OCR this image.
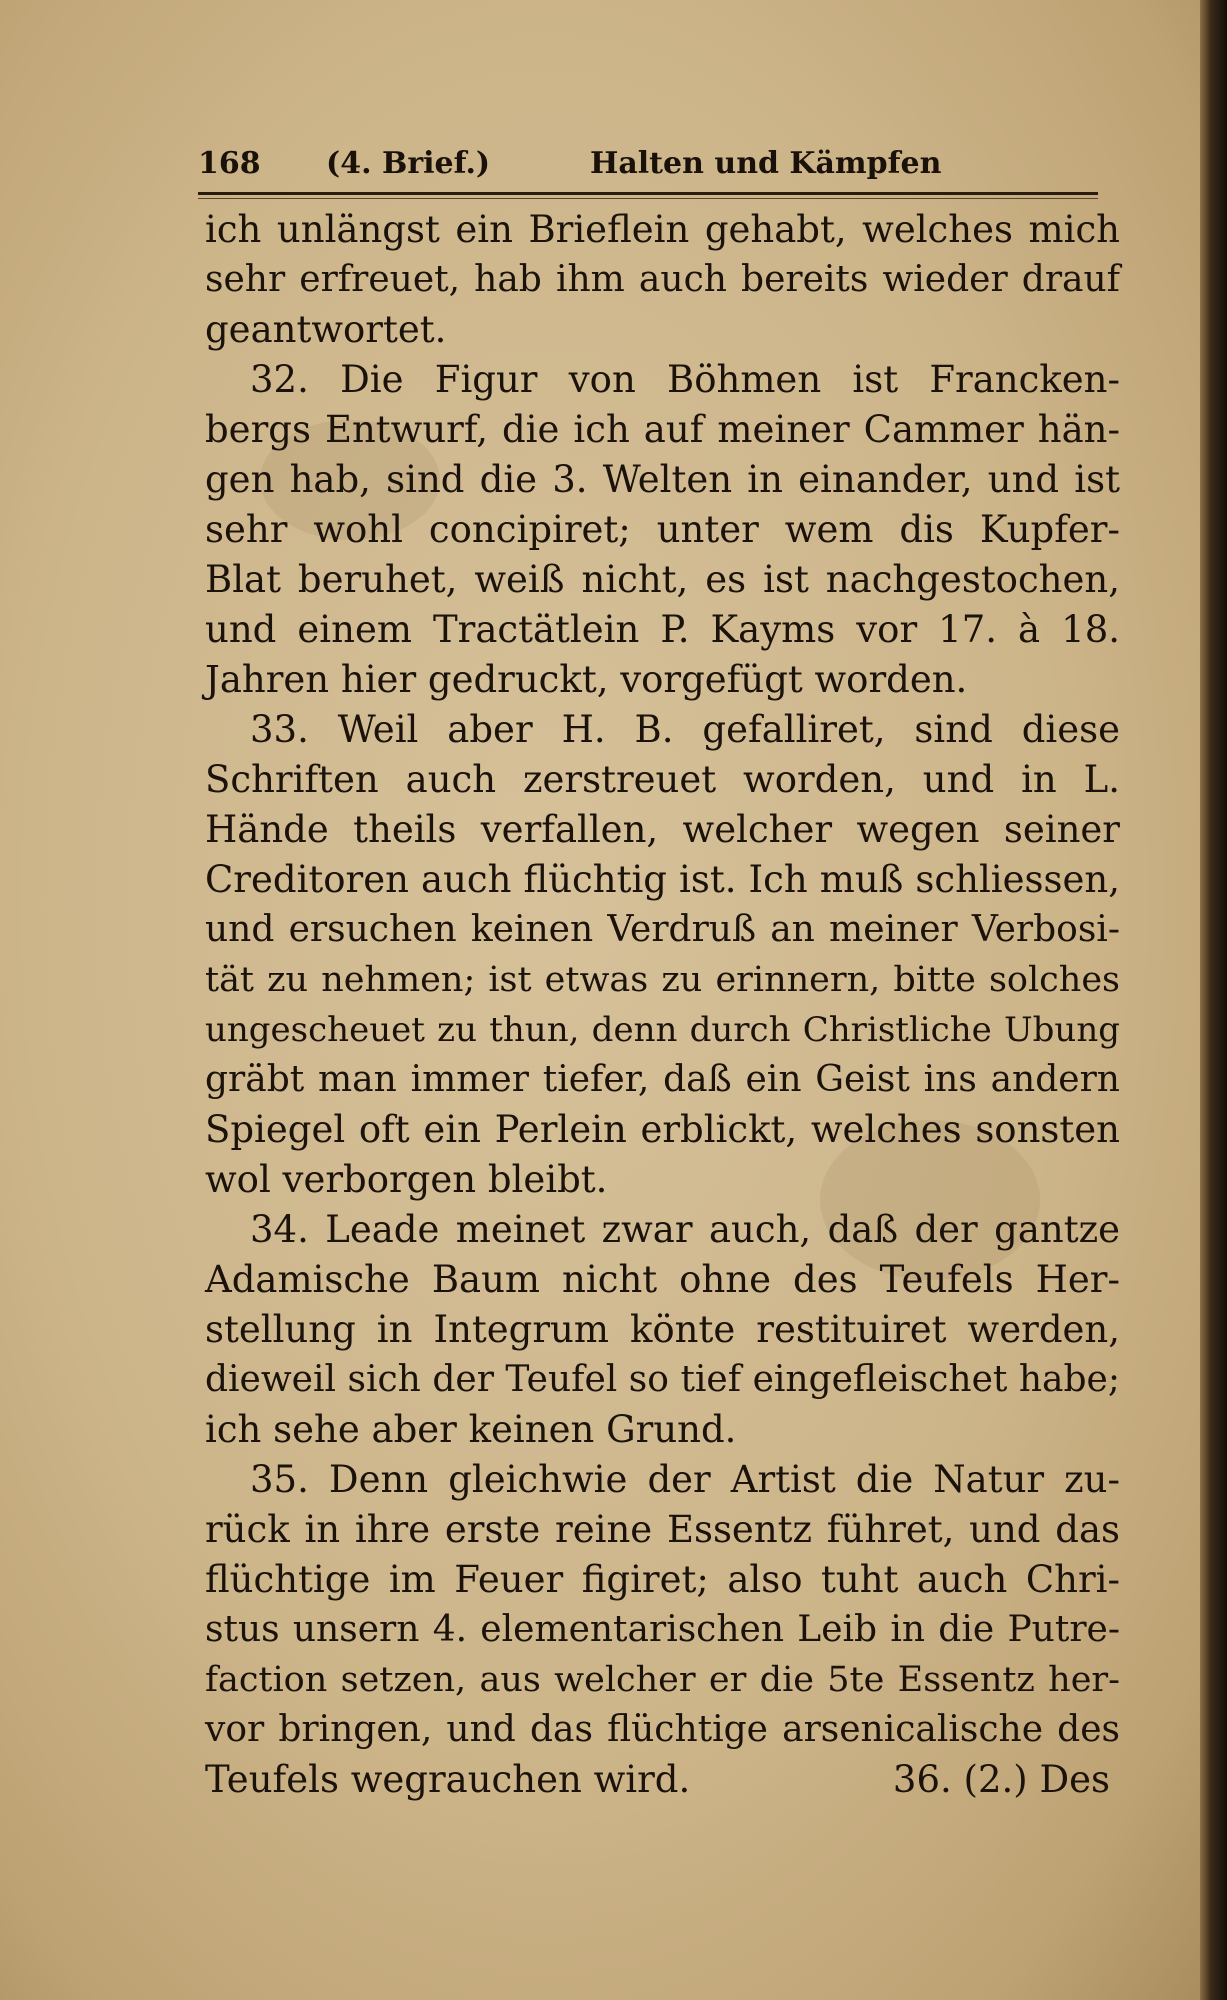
168 (4. Brief.)	Halten und Kämpfen
ich unlängst ein Brieflein gehabt, welches mich
sehr erfreuet, hab ihm auch bereits wieder drauf
geantwortet.
32. Die Figur von Böhmen ist Francken-
bergs Entwurf, die ich auf meiner Cammer hän-
gen hab, sind die 3. Welten in einander, und ist
sehr wohl concipiret; unter wem dis Kupfer-
Blat beruhet, weiß nicht, es ist nachgestochen,
und einem Tractätlein P. Kayms vor 17. à 18.
Jahren hier gedruckt, vorgefügt worden.
33. Weil aber H. B. gefalliret, sind diese
Schriften auch zerstreuet worden, und in L.
Hände theils verfallen, welcher wegen seiner
Creditoren auch flüchtig ist. Ich muß schliessen,
und ersuchen keinen Verdruß an meiner Verbosi-
tät zu nehmen; ist etwas zu erinnern, bitte solches
ungescheuet zu thun, denn durch Christliche Ubung
gräbt man immer tiefer, daß ein Geist ins andern
Spiegel oft ein Perlein erblickt, welches sonsten
wol verborgen bleibt.
34. Leade meinet zwar auch, daß der gantze
Adamische Baum nicht ohne des Teufels Her-
stellung in Integrum könte restituiret werden,
dieweil sich der Teufel so tief eingefleischet habe;
ich sehe aber keinen Grund.
35. Denn gleichwie der Artist die Natur zu-
rück in ihre erste reine Essentz führet, und das
flüchtige im Feuer figiret; also tuht auch Chri-
stus unsern 4. elementarischen Leib in die Putre-
faction setzen, aus welcher er die 5te Essentz her-
vor bringen, und das flüchtige arsenicalische des
Teufels wegrauchen wird.	36. (2.) Des
